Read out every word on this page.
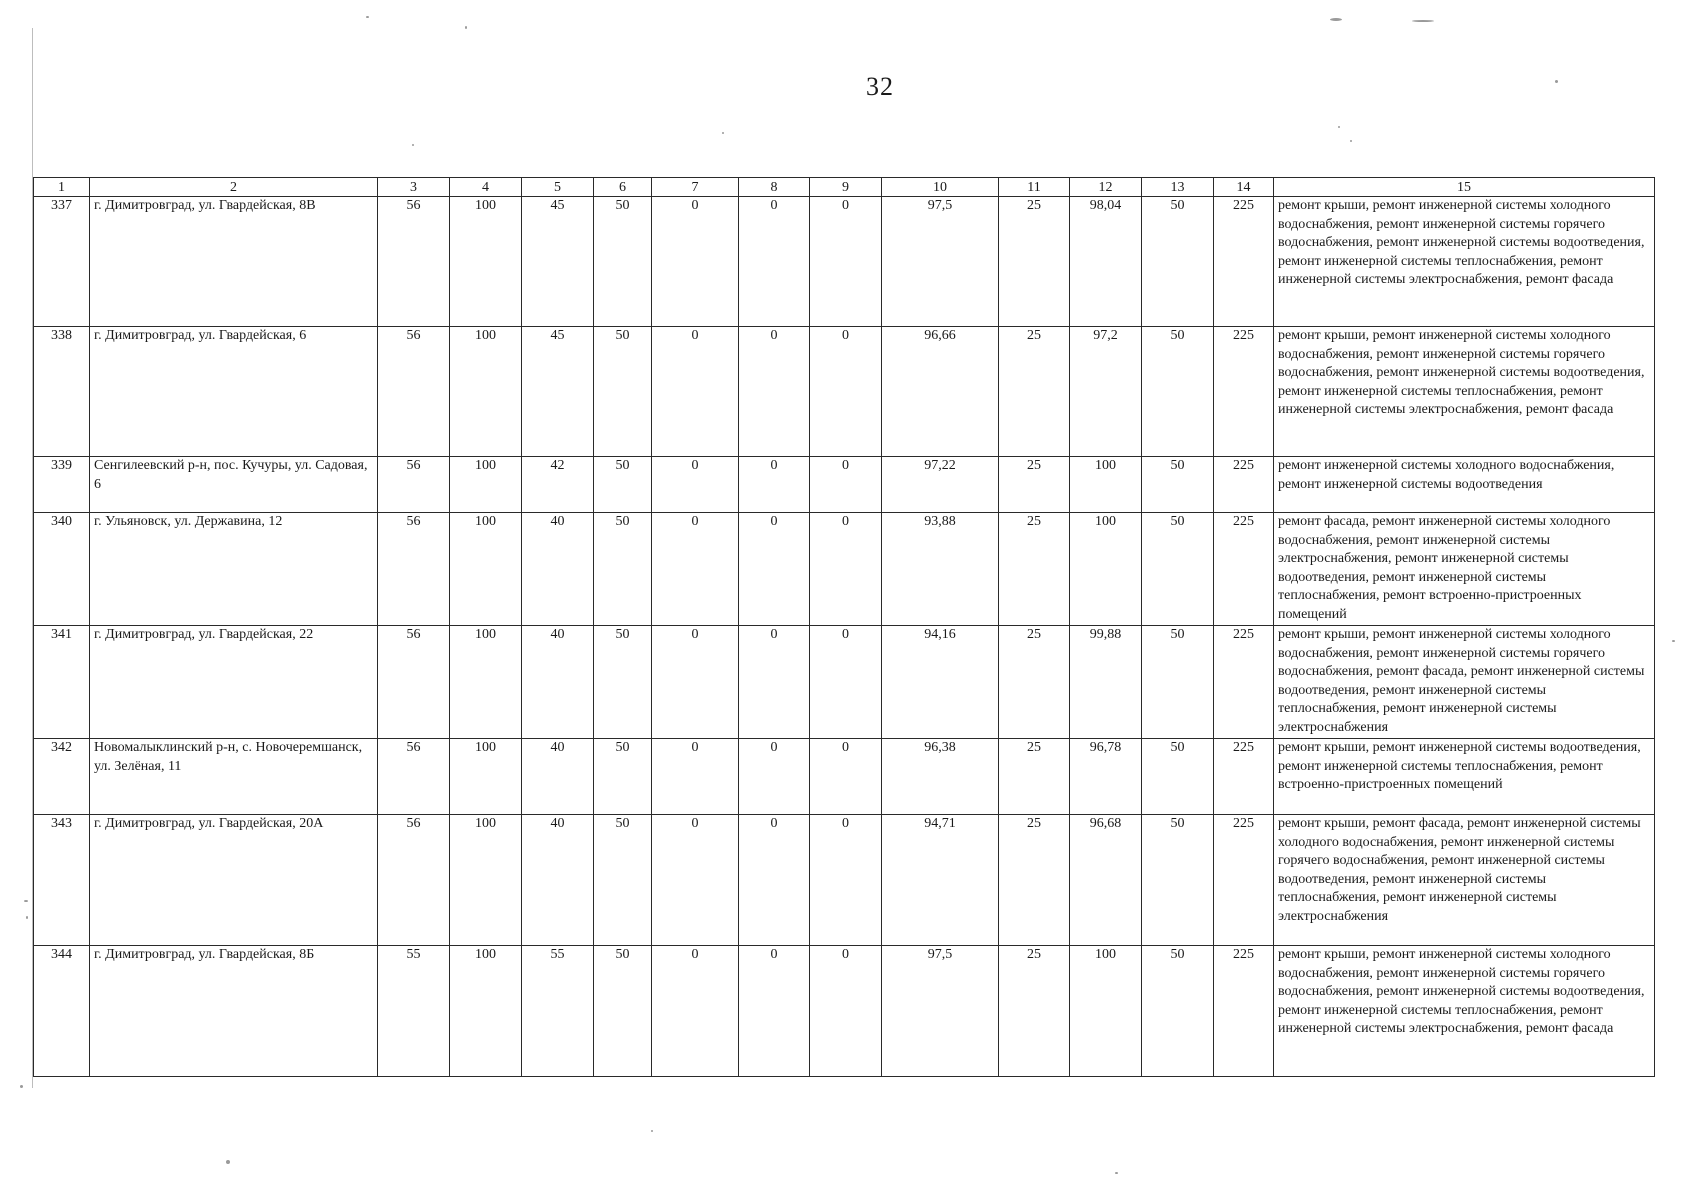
32
1	2	3	4	5	6	7	8	9	10	11	12	13	14	15
337	г. Димитровград, ул. Гвардейская, 8В	56	100	45	50	0	0	0	97,5	25	98,04	50	225	ремонт крыши, ремонт инженерной системы холодного водоснабжения, ремонт инженерной системы горячего водоснабжения, ремонт инженерной системы водоотведения, ремонт инженерной системы теплоснабжения, ремонт инженерной системы электроснабжения, ремонт фасада
338	г. Димитровград, ул. Гвардейская, 6	56	100	45	50	0	0	0	96,66	25	97,2	50	225	ремонт крыши, ремонт инженерной системы холодного водоснабжения, ремонт инженерной системы горячего водоснабжения, ремонт инженерной системы водоотведения, ремонт инженерной системы теплоснабжения, ремонт инженерной системы электроснабжения, ремонт фасада
339	Сенгилеевский р-н, пос. Кучуры, ул. Садовая, 6	56	100	42	50	0	0	0	97,22	25	100	50	225	ремонт инженерной системы холодного водоснабжения, ремонт инженерной системы водоотведения
340	г. Ульяновск, ул. Державина, 12	56	100	40	50	0	0	0	93,88	25	100	50	225	ремонт фасада, ремонт инженерной системы холодного водоснабжения, ремонт инженерной системы электроснабжения, ремонт инженерной системы водоотведения, ремонт инженерной системы теплоснабжения, ремонт встроенно-пристроенных помещений
341	г. Димитровград, ул. Гвардейская, 22	56	100	40	50	0	0	0	94,16	25	99,88	50	225	ремонт крыши, ремонт инженерной системы холодного водоснабжения, ремонт инженерной системы горячего водоснабжения, ремонт фасада, ремонт инженерной системы водоотведения, ремонт инженерной системы теплоснабжения, ремонт инженерной системы электроснабжения
342	Новомалыклинский р-н, с. Новочеремшанск, ул. Зелёная, 11	56	100	40	50	0	0	0	96,38	25	96,78	50	225	ремонт крыши, ремонт инженерной системы водоотведения, ремонт инженерной системы теплоснабжения, ремонт встроенно-пристроенных помещений
343	г. Димитровград, ул. Гвардейская, 20А	56	100	40	50	0	0	0	94,71	25	96,68	50	225	ремонт крыши, ремонт фасада, ремонт инженерной системы холодного водоснабжения, ремонт инженерной системы горячего водоснабжения, ремонт инженерной системы водоотведения, ремонт инженерной системы теплоснабжения, ремонт инженерной системы электроснабжения
344	г. Димитровград, ул. Гвардейская, 8Б	55	100	55	50	0	0	0	97,5	25	100	50	225	ремонт крыши, ремонт инженерной системы холодного водоснабжения, ремонт инженерной системы горячего водоснабжения, ремонт инженерной системы водоотведения, ремонт инженерной системы теплоснабжения, ремонт инженерной системы электроснабжения, ремонт фасада
